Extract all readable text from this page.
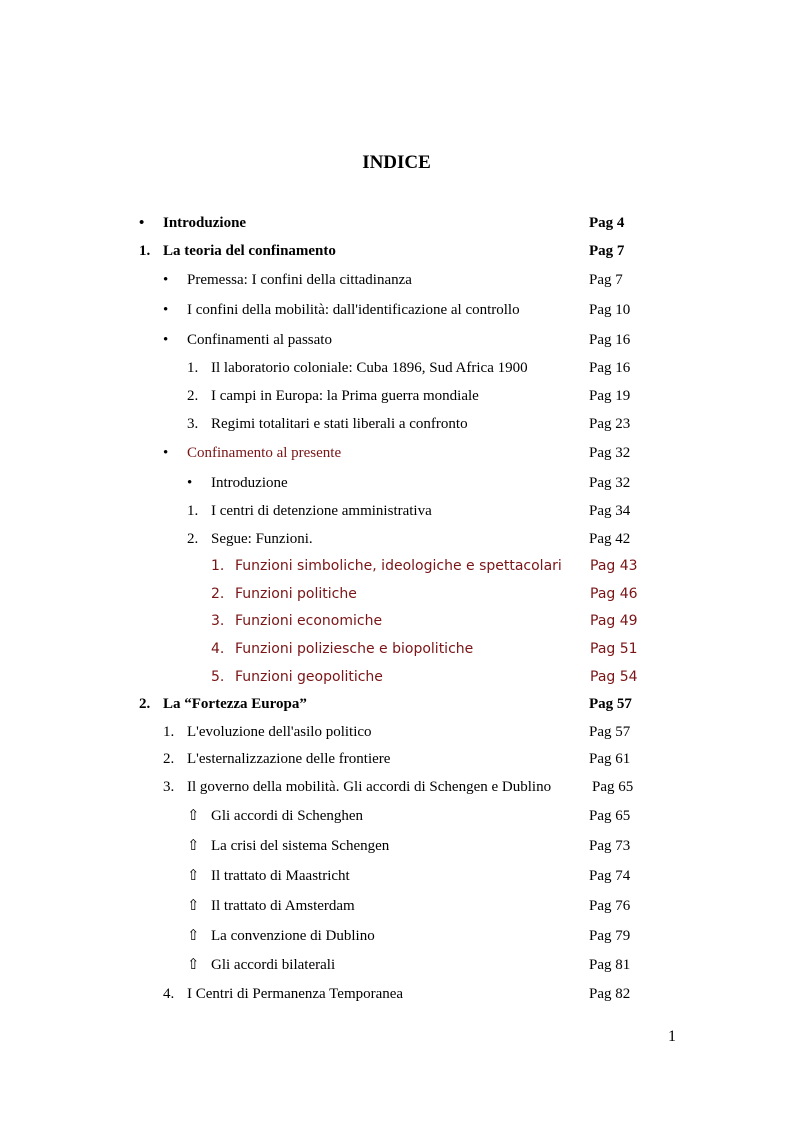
INDICE
• Introduzione	Pag 4
1. La teoria del confinamento	Pag 7
• Premessa: I confini della cittadinanza	Pag 7
• I confini della mobilità: dall'identificazione al controllo	Pag 10
• Confinamenti al passato	Pag 16
1. Il laboratorio coloniale: Cuba 1896, Sud Africa 1900	Pag 16
2. I campi in Europa: la Prima guerra mondiale	Pag 19
3. Regimi totalitari e stati liberali a confronto	Pag 23
• Confinamento al presente	Pag 32
• Introduzione	Pag 32
1. I centri di detenzione amministrativa	Pag 34
2. Segue: Funzioni.	Pag 42
1. Funzioni simboliche, ideologiche e spettacolari Pag 43
2. Funzioni politiche	Pag 46
3. Funzioni economiche	Pag 49
4. Funzioni poliziesche e biopolitiche	Pag 51
5. Funzioni geopolitiche	Pag 54
2. La “Fortezza Europa”	Pag 57
1. L'evoluzione dell'asilo politico	Pag 57
2. L'esternalizzazione delle frontiere	Pag 61
3. Il governo della mobilità. Gli accordi di Schengen e Dublino	Pag 65
⇧ Gli accordi di Schenghen	Pag 65
⇧ La crisi del sistema Schengen	Pag 73
⇧ Il trattato di Maastricht	Pag 74
⇧ Il trattato di Amsterdam	Pag 76
⇧ La convenzione di Dublino	Pag 79
⇧ Gli accordi bilaterali	Pag 81
4. I Centri di Permanenza Temporanea	Pag 82
1
